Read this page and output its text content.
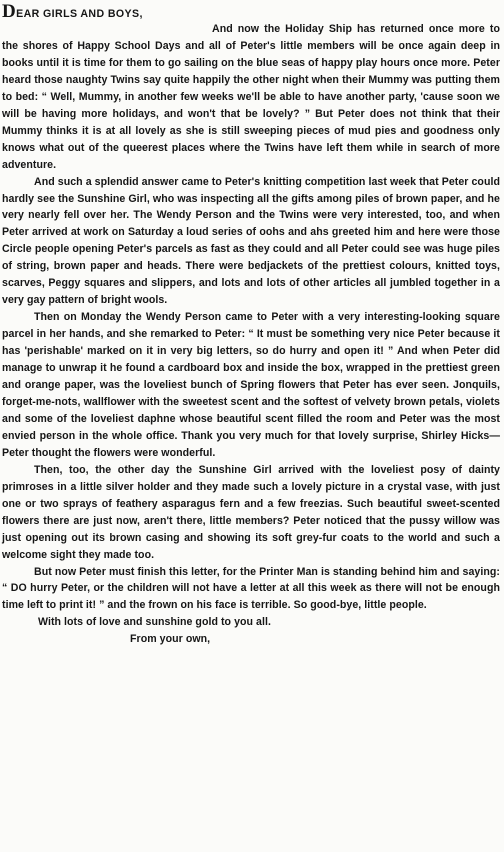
DEAR GIRLS AND BOYS,

And now the Holiday Ship has returned once more to the shores of Happy School Days and all of Peter's little members will be once again deep in books until it is time for them to go sailing on the blue seas of happy play hours once more. Peter heard those naughty Twins say quite happily the other night when their Mummy was putting them to bed: “ Well, Mummy, in another few weeks we'll be able to have another party, 'cause soon we will be having more holidays, and won't that be lovely? ” But Peter does not think that their Mummy thinks it is at all lovely as she is still sweeping pieces of mud pies and goodness only knows what out of the queerest places where the Twins have left them while in search of more adventure.

And such a splendid answer came to Peter's knitting competition last week that Peter could hardly see the Sunshine Girl, who was inspecting all the gifts among piles of brown paper, and he very nearly fell over her. The Wendy Person and the Twins were very interested, too, and when Peter arrived at work on Saturday a loud series of oohs and ahs greeted him and here were those Circle people opening Peter's parcels as fast as they could and all Peter could see was huge piles of string, brown paper and heads. There were bedjackets of the prettiest colours, knitted toys, scarves, Peggy squares and slippers, and lots and lots of other articles all jumbled together in a very gay pattern of bright wools.

Then on Monday the Wendy Person came to Peter with a very interesting-looking square parcel in her hands, and she remarked to Peter: “ It must be something very nice Peter because it has 'perishable' marked on it in very big letters, so do hurry and open it! ” And when Peter did manage to unwrap it he found a cardboard box and inside the box, wrapped in the prettiest green and orange paper, was the loveliest bunch of Spring flowers that Peter has ever seen. Jonquils, forget-me-nots, wallflower with the sweetest scent and the softest of velvety brown petals, violets and some of the loveliest daphne whose beautiful scent filled the room and Peter was the most envied person in the whole office. Thank you very much for that lovely surprise, Shirley Hicks—Peter thought the flowers were wonderful.

Then, too, the other day the Sunshine Girl arrived with the loveliest posy of dainty primroses in a little silver holder and they made such a lovely picture in a crystal vase, with just one or two sprays of feathery asparagus fern and a few freezias. Such beautiful sweet-scented flowers there are just now, aren't there, little members? Peter noticed that the pussy willow was just opening out its brown casing and showing its soft grey-fur coats to the world and such a welcome sight they made too.

But now Peter must finish this letter, for the Printer Man is standing behind him and saying: “ DO hurry Peter, or the children will not have a letter at all this week as there will not be enough time left to print it! ” and the frown on his face is terrible. So good-bye, little people.

With lots of love and sunshine gold to you all.

From your own,
